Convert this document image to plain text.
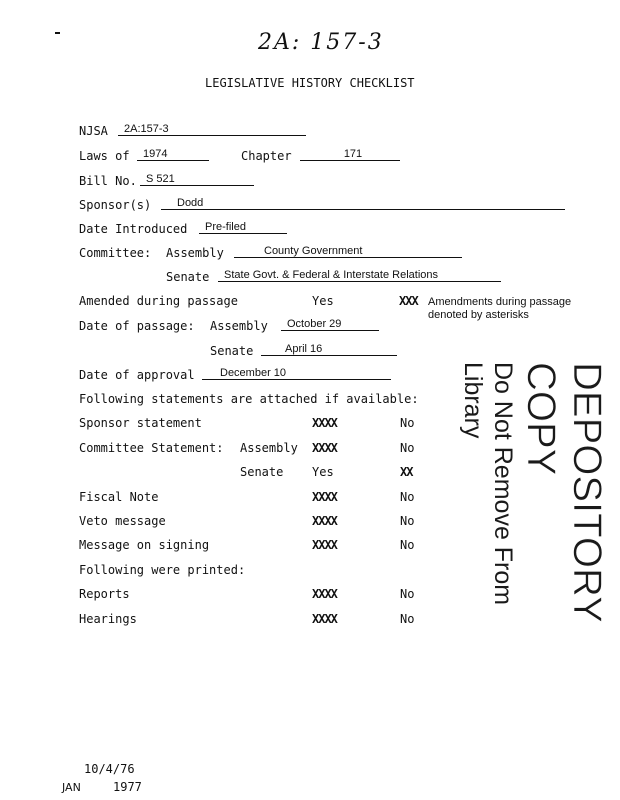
2A: 157-3
LEGISLATIVE HISTORY CHECKLIST
NJSA	2A:157-3
Laws of	1974	Chapter	171
Bill No. S 521
Sponsor(s)	Dodd
Date Introduced	Pre-filed
Committee: Assembly	County Government
Senate	State Govt. & Federal & Interstate Relations
Amended during passage	Yes	XXX Amendments during passage
denoted by asterisks
Date of passage: Assembly	October 29
Senate	April 16
Date of approval	December 10
Following statements are attached if available:
Sponsor statement	XXXX	No
Committee Statement: Assembly XXXX	No
Senate Yes	XX
Fiscal Note	XXXX	No
Veto message	XXXX	No
Message on signing	XXXX	No
Following were printed:
Reports	XXXX	No
Hearings	XXXX	No	DEPOSITORY COPY
Do Not Remove From Library
10/4/76
JAN	1977
